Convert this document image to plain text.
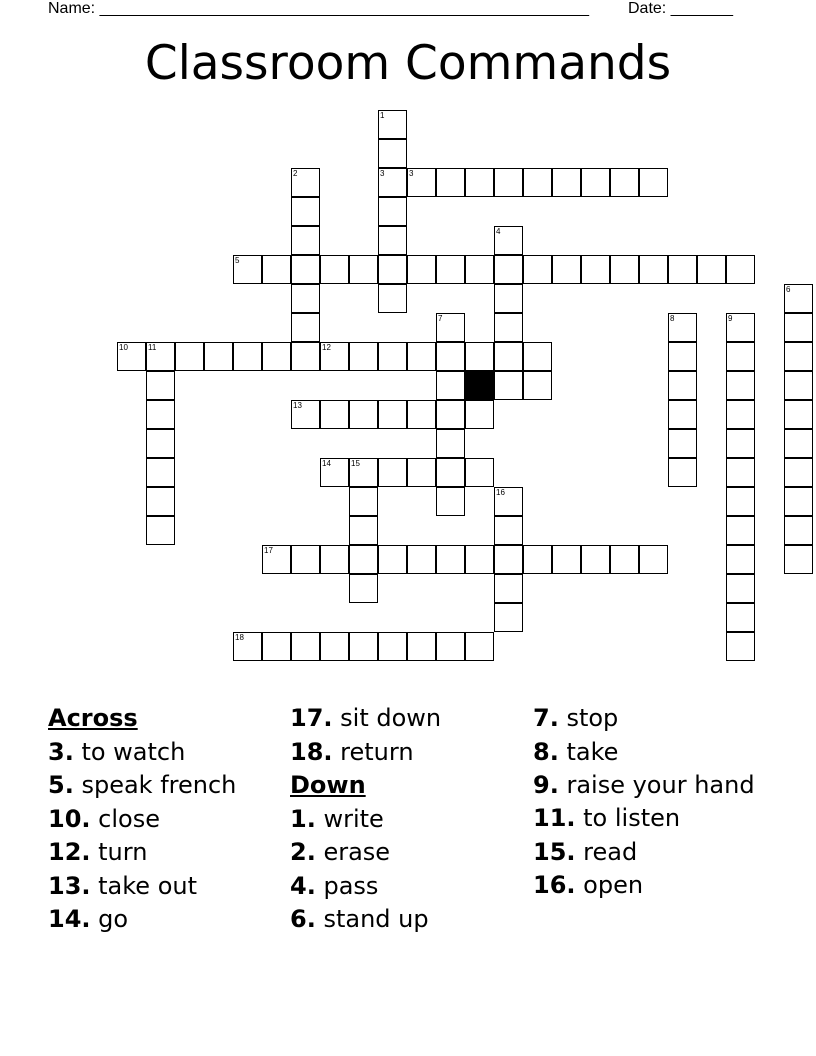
Name: _______________________________________________________ Date: _______
Classroom Commands
1
3	3
2
5
4
6
7	8	9
10	11	12
13
14	15
16
17
18
Across
3. to watch
5. speak french
10. close
12. turn
13. take out
14. go
17. sit down
18. return
Down
1. write
2. erase
4. pass
6. stand up
7. stop
8. take
9. raise your hand
11. to listen
15. read
16. open
